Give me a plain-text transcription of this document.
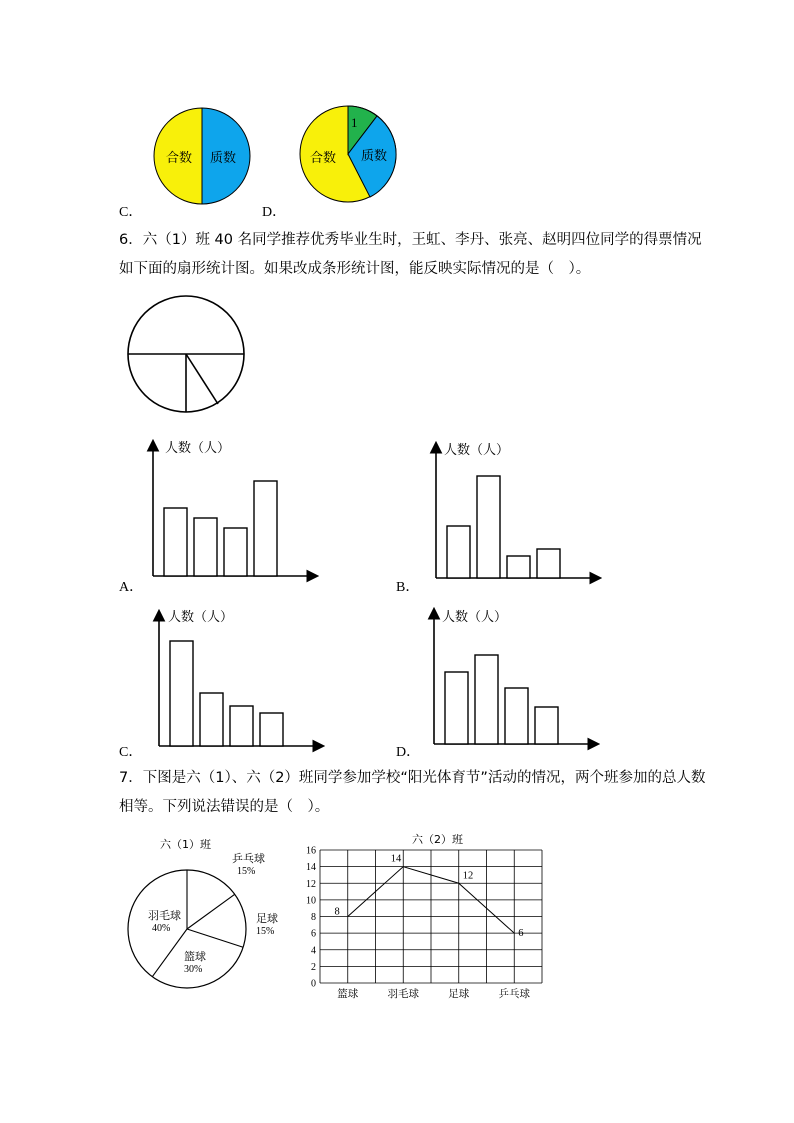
合数 质数
C．
1
合数 质数
D．
6．六（1）班 40 名同学推荐优秀毕业生时，王虹、李丹、张亮、赵明四位同学的得票情况
如下面的扇形统计图。如果改成条形统计图，能反映实际情况的是（　）。
人数（人）
A．
人数（人）
B．
人数（人）
C．
人数（人）
D．
7．下图是六（1）、六（2）班同学参加学校“阳光体育节”活动的情况，两个班参加的总人数
相等。下列说法错误的是（　）。
六（1）班
乒乓球
15%
足球
15%
篮球
30%
羽毛球
40%
六（2）班
0
2
4
6
8
10
12
14
16
篮球	羽毛球	足球	乒乓球
8
14
12
6
